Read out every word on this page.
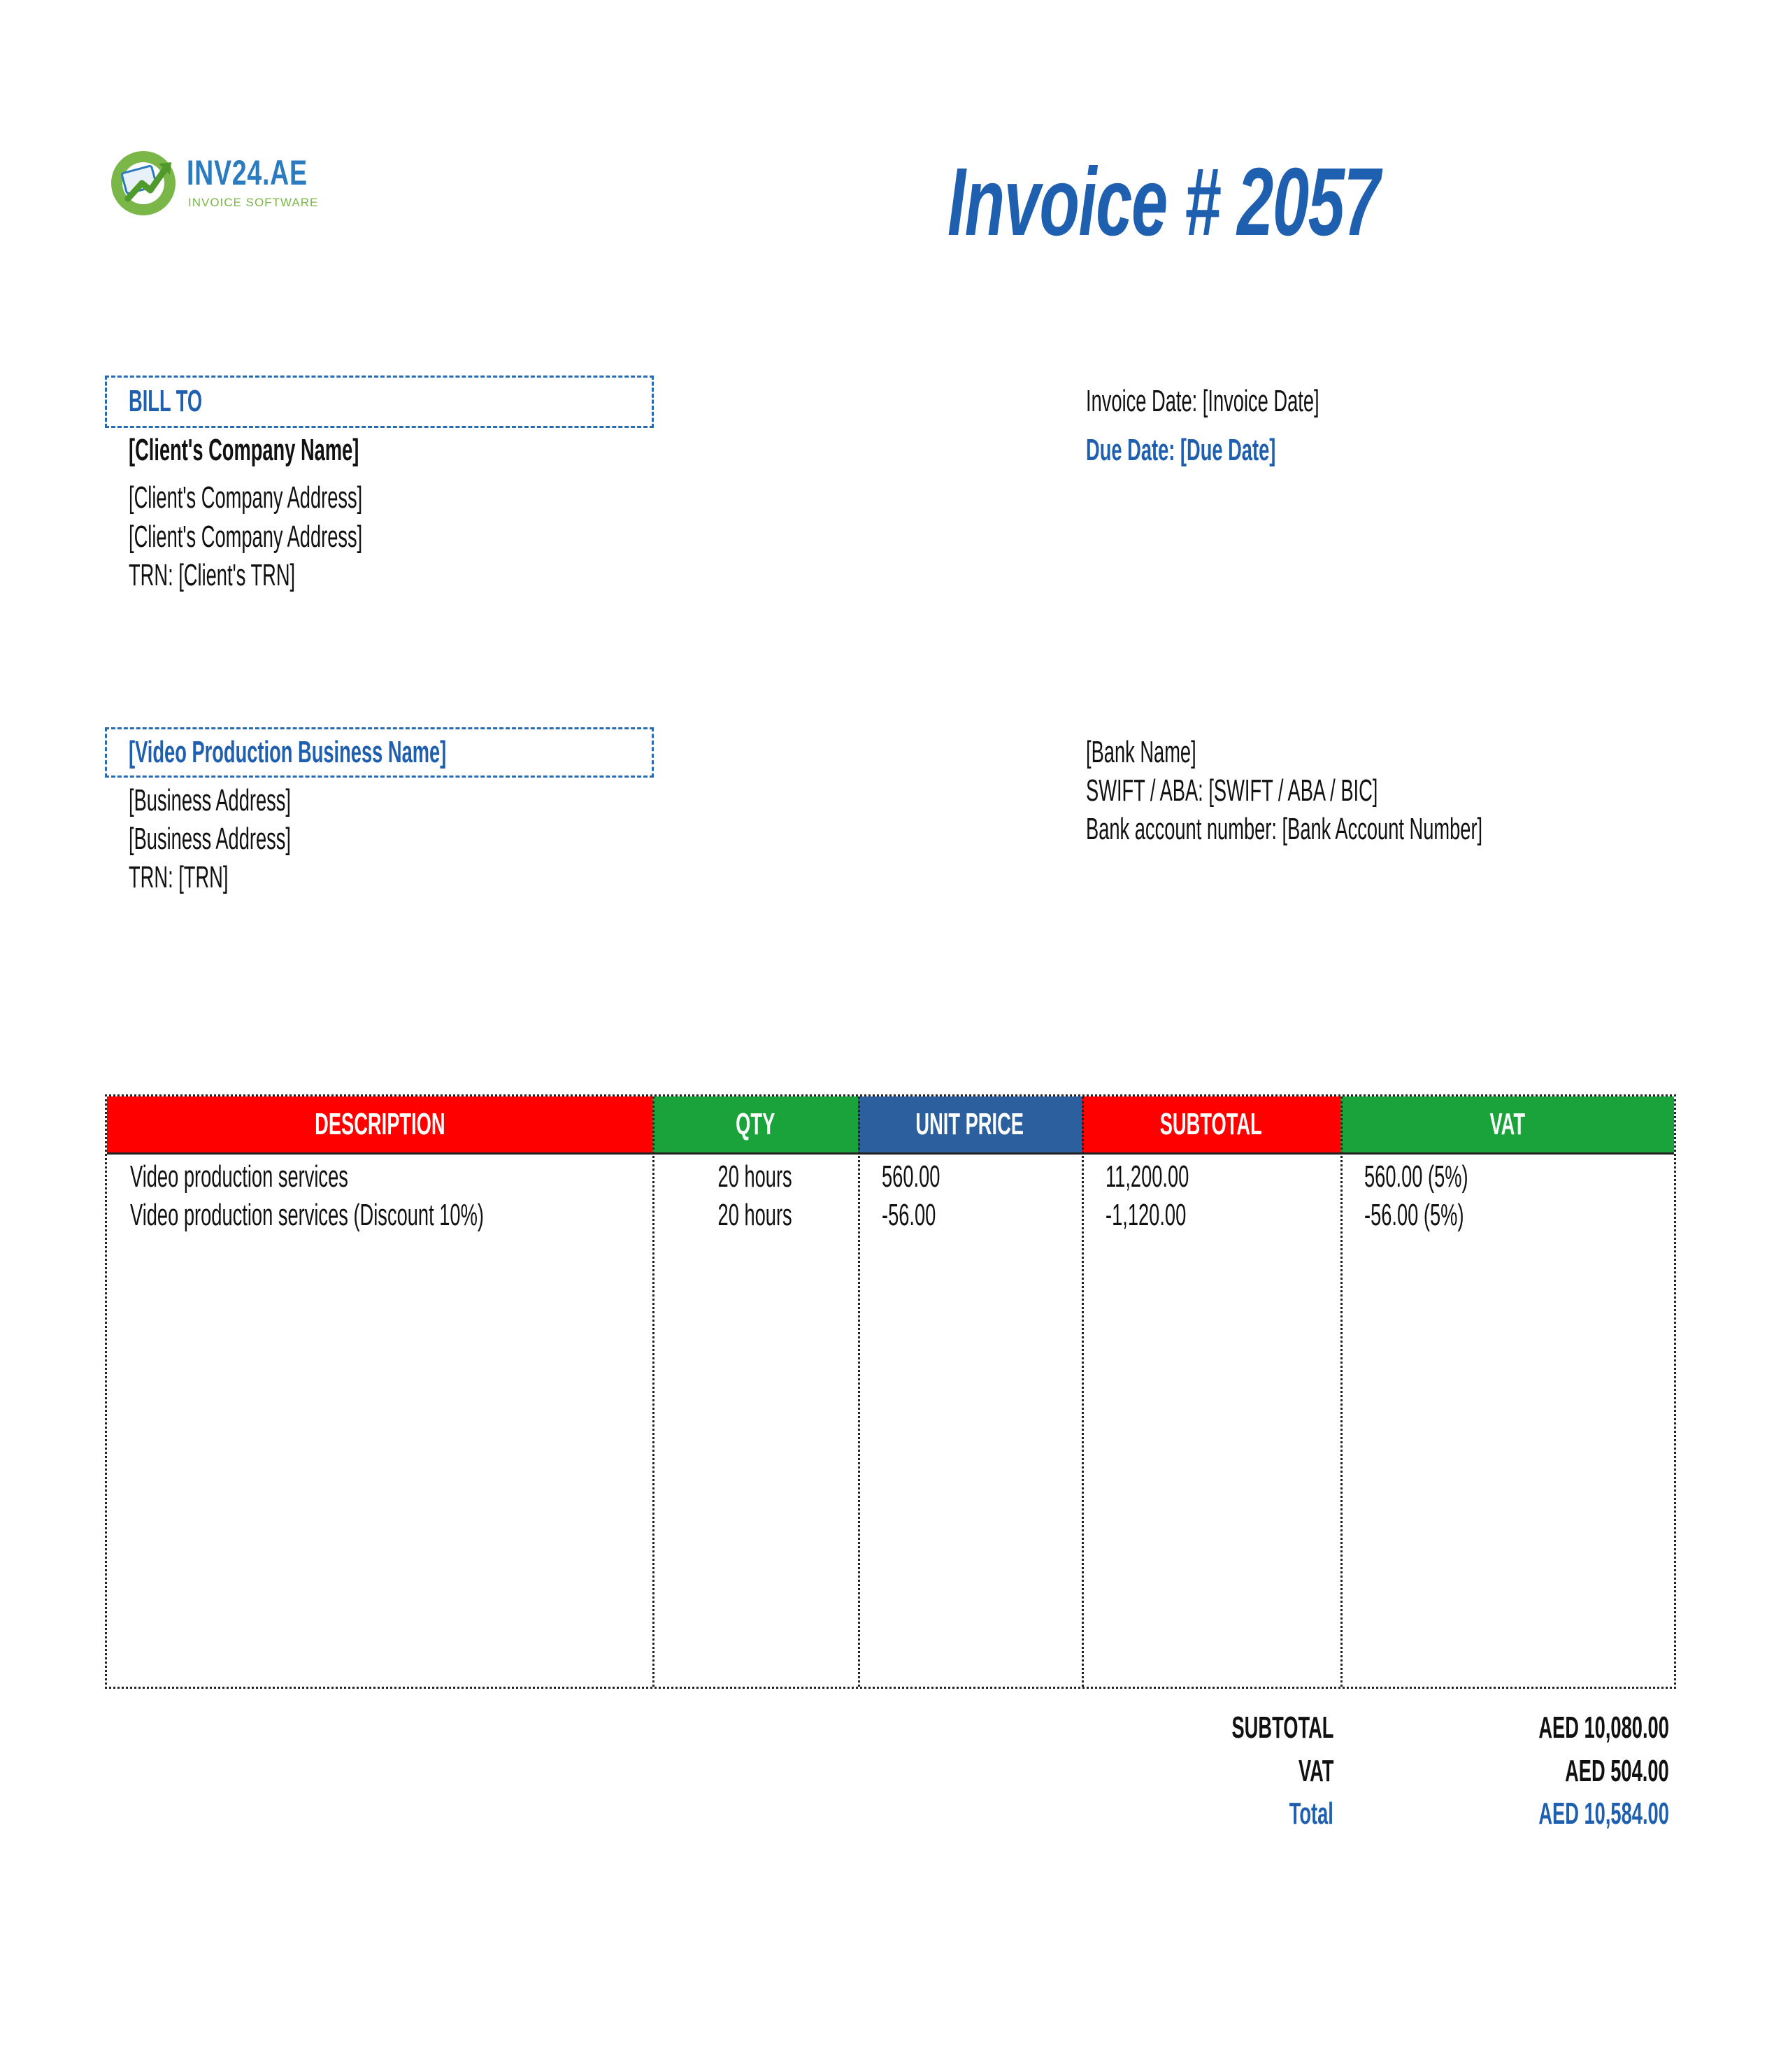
INV24.AE
INVOICE SOFTWARE	Invoice # 2057
BILL TO
[Client's Company Name]
[Client's Company Address]
[Client's Company Address]
TRN: [Client's TRN]
Invoice Date: [Invoice Date]
Due Date: [Due Date]
[Video Production Business Name]
[Business Address]
[Business Address]
TRN: [TRN]
[Bank Name]
SWIFT / ABA: [SWIFT / ABA / BIC]
Bank account number: [Bank Account Number]
DESCRIPTION	QTY	UNIT PRICE	SUBTOTAL	VAT
Video production services	20 hours	560.00	11,200.00	560.00 (5%)
Video production services (Discount 10%)	20 hours	-56.00	-1,120.00	-56.00 (5%)
SUBTOTAL	AED 10,080.00
VAT	AED 504.00
Total	AED 10,584.00
